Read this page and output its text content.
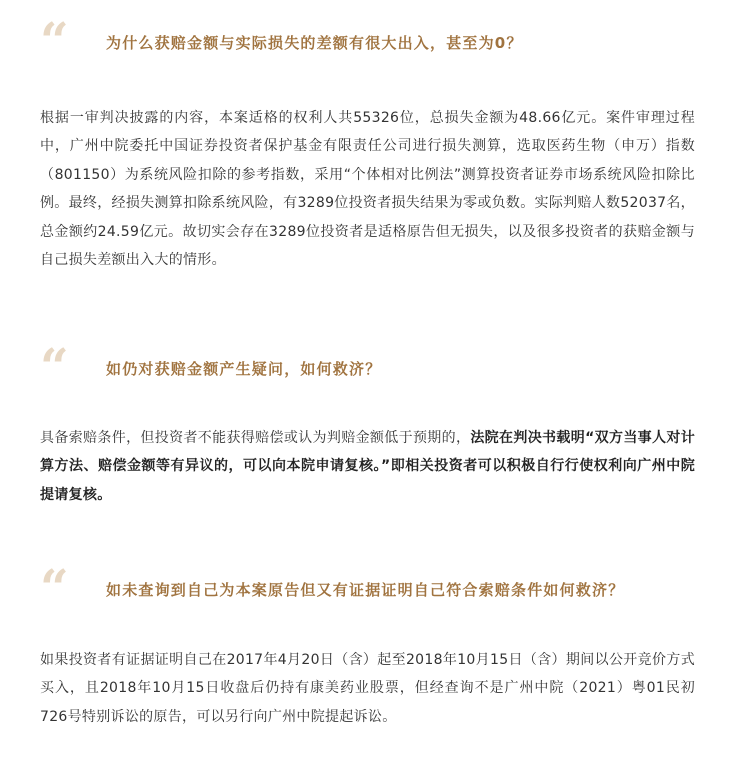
“ 为什么获赔金额与实际损失的差额有很大出入，甚至为0？
根据一审判决披露的内容，本案适格的权利人共55326位，总损失金额为48.66亿元。案件审理过程中，广州中院委托中国证券投资者保护基金有限责任公司进行损失测算，选取医药生物（申万）指数（801150）为系统风险扣除的参考指数，采用“个体相对比例法”测算投资者证券市场系统风险扣除比例。最终，经损失测算扣除系统风险，有3289位投资者损失结果为零或负数。实际判赔人数52037名，总金额约24.59亿元。故切实会存在3289位投资者是适格原告但无损失，以及很多投资者的获赔金额与自己损失差额出入大的情形。
“ 如仍对获赔金额产生疑问，如何救济？
具备索赔条件，但投资者不能获得赔偿或认为判赔金额低于预期的，法院在判决书载明“双方当事人对计算方法、赔偿金额等有异议的，可以向本院申请复核。”即相关投资者可以积极自行行使权利向广州中院提请复核。
“ 如未查询到自己为本案原告但又有证据证明自己符合索赔条件如何救济？
如果投资者有证据证明自己在2017年4月20日（含）起至2018年10月15日（含）期间以公开竞价方式买入，且2018年10月15日收盘后仍持有康美药业股票，但经查询不是广州中院（2021）粤01民初726号特别诉讼的原告，可以另行向广州中院提起诉讼。
